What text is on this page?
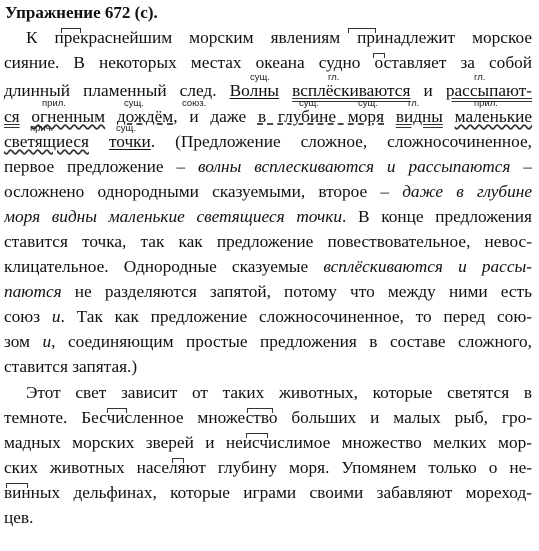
Упражнение 672 (с).
К прекраснейшим морским явлениям принадлежит морское
сияние. В некоторых местах океана судно оставляет за собой
сущ.	гл.	гл.
длинный пламенный след. Волны всплёскиваются и рассыпают-
прил.	сущ.	союз.	сущ.	сущ.	гл.	прил.
ся огненным дождём, и даже в глубине моря видны маленькие
прич.	сущ.
светящиеся точки. (Предложение сложное, сложносочиненное,
первое предложение – волны всплескиваются и рассыпаются –
осложнено однородными сказуемыми, второе – даже в глубине
моря видны маленькие светящиеся точки. В конце предложения
ставится точка, так как предложение повествовательное, невос-
клицательное. Однородные сказуемые всплёскиваются и рассы-
паются не разделяются запятой, потому что между ними есть
союз и. Так как предложение сложносочиненное, то перед сою-
зом и, соединяющим простые предложения в составе сложного,
ставится запятая.)
Этот свет зависит от таких животных, которые светятся в
темноте. Бесчисленное множество больших и малых рыб, гро-
мадных морских зверей и неисчислимое множество мелких мор-
ских животных населяют глубину моря. Упомянем только о не-
винных дельфинах, которые играми своими забавляют мореход-
цев.
